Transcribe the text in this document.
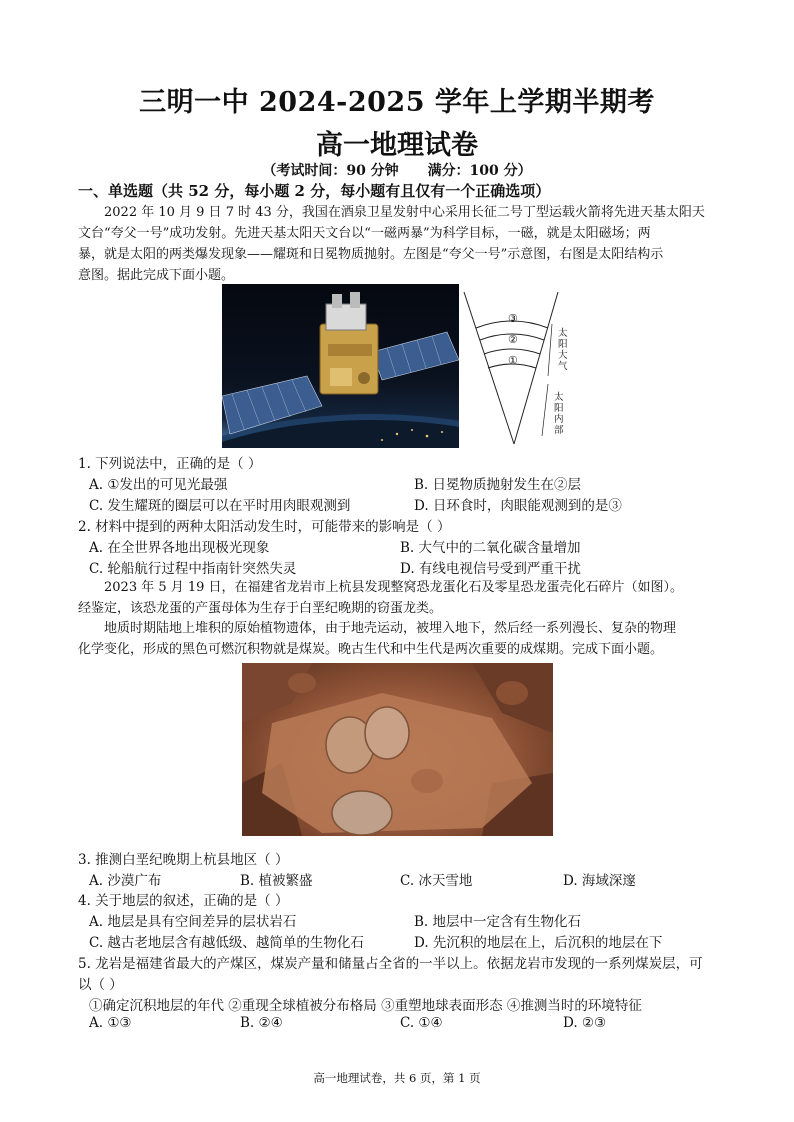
三明一中 2024-2025 学年上学期半期考
高一地理试卷
（考试时间：90 分钟 满分：100 分）
一、单选题（共 52 分，每小题 2 分，每小题有且仅有一个正确选项）
2022 年 10 月 9 日 7 时 43 分，我国在酒泉卫星发射中心采用长征二号丁型运载火箭将先进天基太阳天
文台“夸父一号”成功发射。先进天基太阳天文台以“一磁两暴”为科学目标，一磁，就是太阳磁场；两
暴，就是太阳的两类爆发现象——耀斑和日冕物质抛射。左图是“夸父一号”示意图，右图是太阳结构示
意图。据此完成下面小题。
③
②
①
太阳大气
太阳内部
1. 下列说法中，正确的是（ ）
A. ①发出的可见光最强	B. 日冕物质抛射发生在②层
C. 发生耀斑的圈层可以在平时用肉眼观测到	D. 日环食时，肉眼能观测到的是③
2. 材料中提到的两种太阳活动发生时，可能带来的影响是（ ）
A. 在全世界各地出现极光现象	B. 大气中的二氧化碳含量增加
C. 轮船航行过程中指南针突然失灵	D. 有线电视信号受到严重干扰
2023 年 5 月 19 日，在福建省龙岩市上杭县发现整窝恐龙蛋化石及零星恐龙蛋壳化石碎片（如图）。
经鉴定，该恐龙蛋的产蛋母体为生存于白垩纪晚期的窃蛋龙类。
地质时期陆地上堆积的原始植物遗体，由于地壳运动，被埋入地下，然后经一系列漫长、复杂的物理
化学变化，形成的黑色可燃沉积物就是煤炭。晚古生代和中生代是两次重要的成煤期。完成下面小题。
3. 推测白垩纪晚期上杭县地区（ ）
A. 沙漠广布	B. 植被繁盛	C. 冰天雪地	D. 海域深邃
4. 关于地层的叙述，正确的是（ ）
A. 地层是具有空间差异的层状岩石	B. 地层中一定含有生物化石
C. 越古老地层含有越低级、越简单的生物化石	D. 先沉积的地层在上，后沉积的地层在下
5. 龙岩是福建省最大的产煤区，煤炭产量和储量占全省的一半以上。依据龙岩市发现的一系列煤炭层，可
以（ ）
①确定沉积地层的年代 ②重现全球植被分布格局 ③重塑地球表面形态 ④推测当时的环境特征
A. ①③	B. ②④	C. ①④	D. ②③
高一地理试卷，共 6 页，第 1 页
